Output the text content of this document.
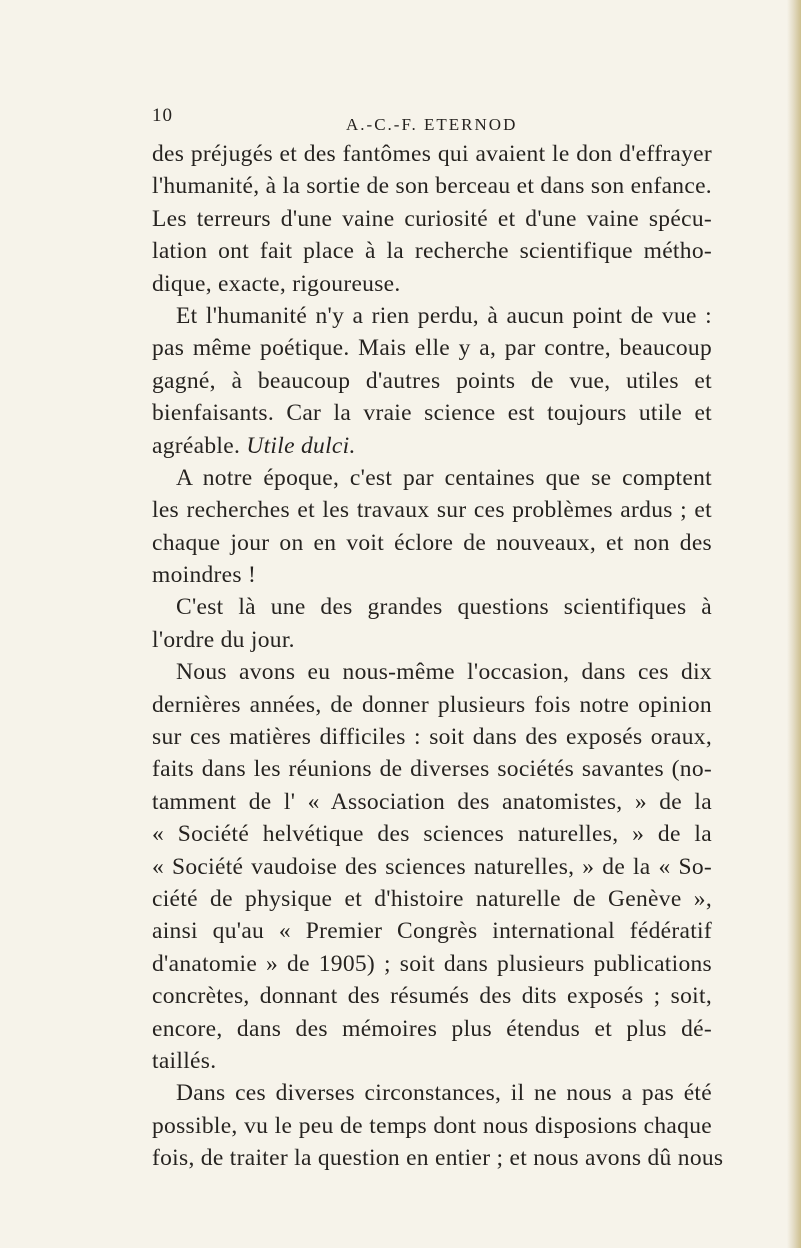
10	A.-C.-F. ETERNOD

des préjugés et des fantômes qui avaient le don d'effrayer
l'humanité, à la sortie de son berceau et dans son enfance.
Les terreurs d'une vaine curiosité et d'une vaine spécu-
lation ont fait place à la recherche scientifique métho-
dique, exacte, rigoureuse.
Et l'humanité n'y a rien perdu, à aucun point de vue :
pas même poétique. Mais elle y a, par contre, beaucoup
gagné, à beaucoup d'autres points de vue, utiles et
bienfaisants. Car la vraie science est toujours utile et
agréable. Utile dulci.
A notre époque, c'est par centaines que se comptent
les recherches et les travaux sur ces problèmes ardus ; et
chaque jour on en voit éclore de nouveaux, et non des
moindres !
C'est là une des grandes questions scientifiques à
l'ordre du jour.
Nous avons eu nous-même l'occasion, dans ces dix
dernières années, de donner plusieurs fois notre opinion
sur ces matières difficiles : soit dans des exposés oraux,
faits dans les réunions de diverses sociétés savantes (no-
tamment de l' « Association des anatomistes, » de la
« Société helvétique des sciences naturelles, » de la
« Société vaudoise des sciences naturelles, » de la « So-
ciété de physique et d'histoire naturelle de Genève »,
ainsi qu'au « Premier Congrès international fédératif
d'anatomie » de 1905) ; soit dans plusieurs publications
concrètes, donnant des résumés des dits exposés ; soit,
encore, dans des mémoires plus étendus et plus dé-
taillés.
Dans ces diverses circonstances, il ne nous a pas été
possible, vu le peu de temps dont nous disposions chaque
fois, de traiter la question en entier ; et nous avons dû nous
